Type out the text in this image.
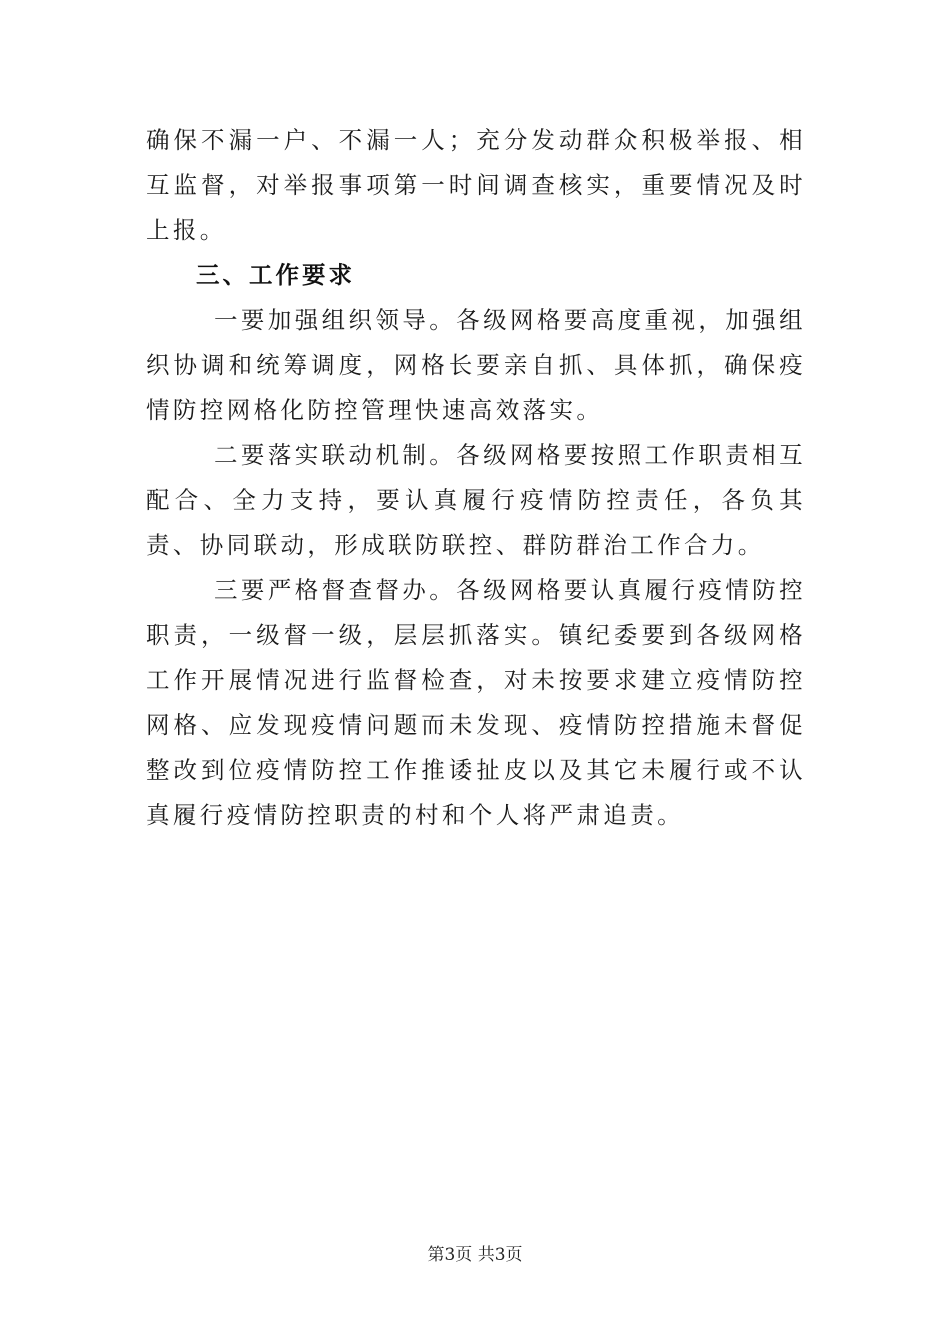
确保不漏一户、不漏一人；充分发动群众积极举报、相互监督，对举报事项第一时间调查核实，重要情况及时上报。

三、工作要求

一要加强组织领导。各级网格要高度重视，加强组织协调和统筹调度，网格长要亲自抓、具体抓，确保疫情防控网格化防控管理快速高效落实。

二要落实联动机制。各级网格要按照工作职责相互配合、全力支持，要认真履行疫情防控责任，各负其责、协同联动，形成联防联控、群防群治工作合力。

三要严格督查督办。各级网格要认真履行疫情防控职责，一级督一级，层层抓落实。镇纪委要到各级网格工作开展情况进行监督检查，对未按要求建立疫情防控网格、应发现疫情问题而未发现、疫情防控措施未督促整改到位疫情防控工作推诿扯皮以及其它未履行或不认真履行疫情防控职责的村和个人将严肃追责。

第3页 共3页
